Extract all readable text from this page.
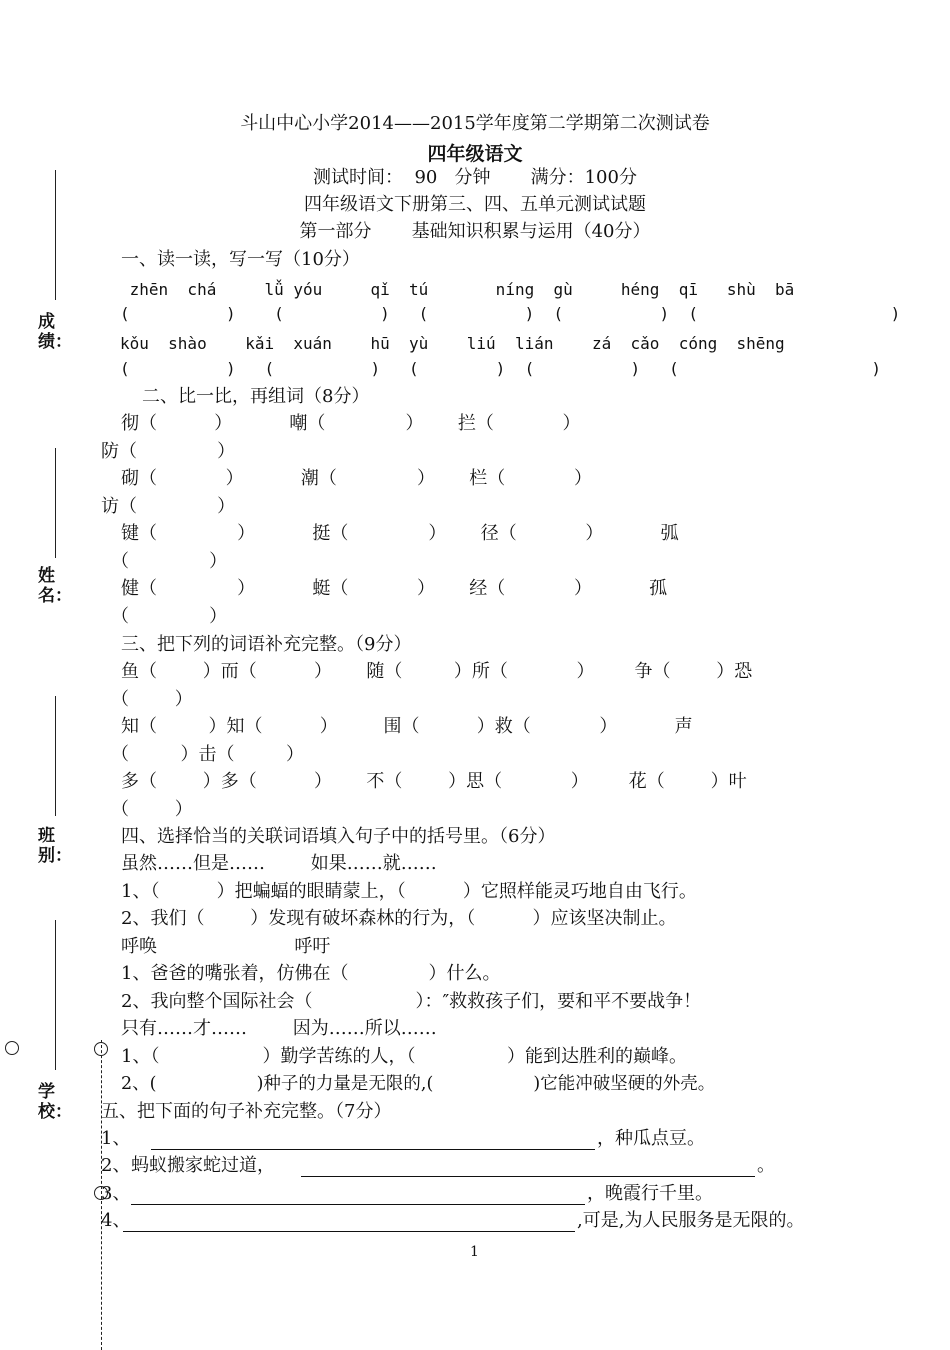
成绩：
姓名：
班别：
学校：
斗山中心小学2014——2015学年度第二学期第二次测试卷
四年级语文
测试时间：  90   分钟       满分：100分
四年级语文下册第三、四、五单元测试试题
第一部分       基础知识积累与运用（40分）
一、读一读，写一写（10分）
zhēn  chá     lǚ yóu     qǐ  tú       níng  gù     héng  qī   shù  bā
(          )    (          )   (          )  (          )  (                    )
kǒu  shào    kǎi  xuán    hū  yù    liú  lián    zá  cǎo  cóng  shēng
(          )   (          )   (        )  (          )   (                    )
二、比一比，再组词（8分）
彻（          ）          嘲（              ）      拦（            ）
防（              ）
砌（            ）          潮（              ）      栏（            ）
访（              ）
键（              ）          挺（              ）      径（            ）          弧
（              ）
健（              ）          蜓（            ）      经（            ）          孤
（              ）
三、把下列的词语补充完整。（9分）
鱼（        ）而（          ）      随（         ）所（            ）       争（        ）恐
（        ）
知（         ）知（          ）        围（          ）救（            ）          声
（         ）击（         ）
多（        ）多（          ）      不（        ）思（            ）       花（        ）叶
（        ）
四、选择恰当的关联词语填入句子中的括号里。（6分）
虽然……但是……        如果……就……
1、（          ）把蝙蝠的眼睛蒙上，（          ）它照样能灵巧地自由飞行。
2、我们（        ）发现有破坏森林的行为，（          ）应该坚决制止。
呼唤                        呼吁
1、爸爸的嘴张着，仿佛在（              ）什么。
2、我向整个国际社会（                  ）：″救救孩子们，要和平不要战争！
只有……才……        因为……所以……
1、（                  ）勤学苦练的人，（                ）能到达胜利的巅峰。
2、(                  )种子的力量是无限的,(                  )它能冲破坚硬的外壳。
五、把下面的句子补充完整。（7分）
1、	，种瓜点豆。
2、 蚂蚁搬家蛇过道，	。
3、	，晚霞行千里。
4、	,可是,为人民服务是无限的。
1
